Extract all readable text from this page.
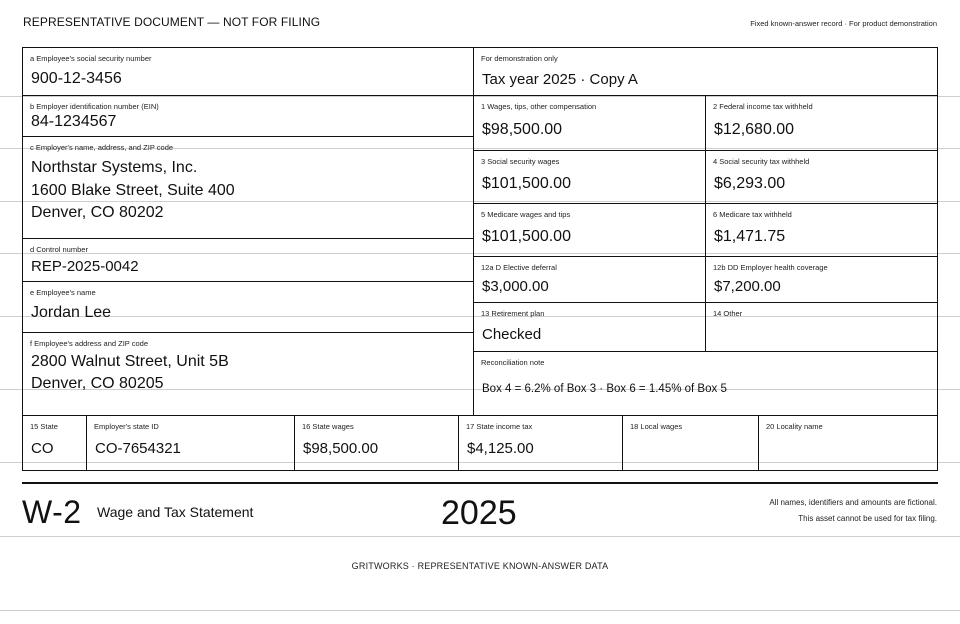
REPRESENTATIVE DOCUMENT — NOT FOR FILING	Fixed known-answer record · For product demonstration
a Employee's social security number
900-12-3456
b Employer identification number (EIN)
84-1234567
c Employer's name, address, and ZIP code
Northstar Systems, Inc.
1600 Blake Street, Suite 400
Denver, CO 80202
d Control number
REP-2025-0042
e Employee's name
Jordan Lee
f Employee's address and ZIP code
2800 Walnut Street, Unit 5B
Denver, CO 80205
For demonstration only
Tax year 2025 · Copy A
1 Wages, tips, other compensation
$98,500.00
2 Federal income tax withheld
$12,680.00
3 Social security wages
$101,500.00
4 Social security tax withheld
$6,293.00
5 Medicare wages and tips
$101,500.00
6 Medicare tax withheld
$1,471.75
12a D Elective deferral
$3,000.00
12b DD Employer health coverage
$7,200.00
13 Retirement plan
Checked
14 Other
Reconciliation note
Box 4 = 6.2% of Box 3 · Box 6 = 1.45% of Box 5
15 State
CO
Employer's state ID
CO-7654321
16 State wages
$98,500.00
17 State income tax
$4,125.00
18 Local wages	20 Locality name
W-2 Wage and Tax Statement	2025	All names, identifiers and amounts are fictional.
This asset cannot be used for tax filing.
GRITWORKS · REPRESENTATIVE KNOWN-ANSWER DATA
